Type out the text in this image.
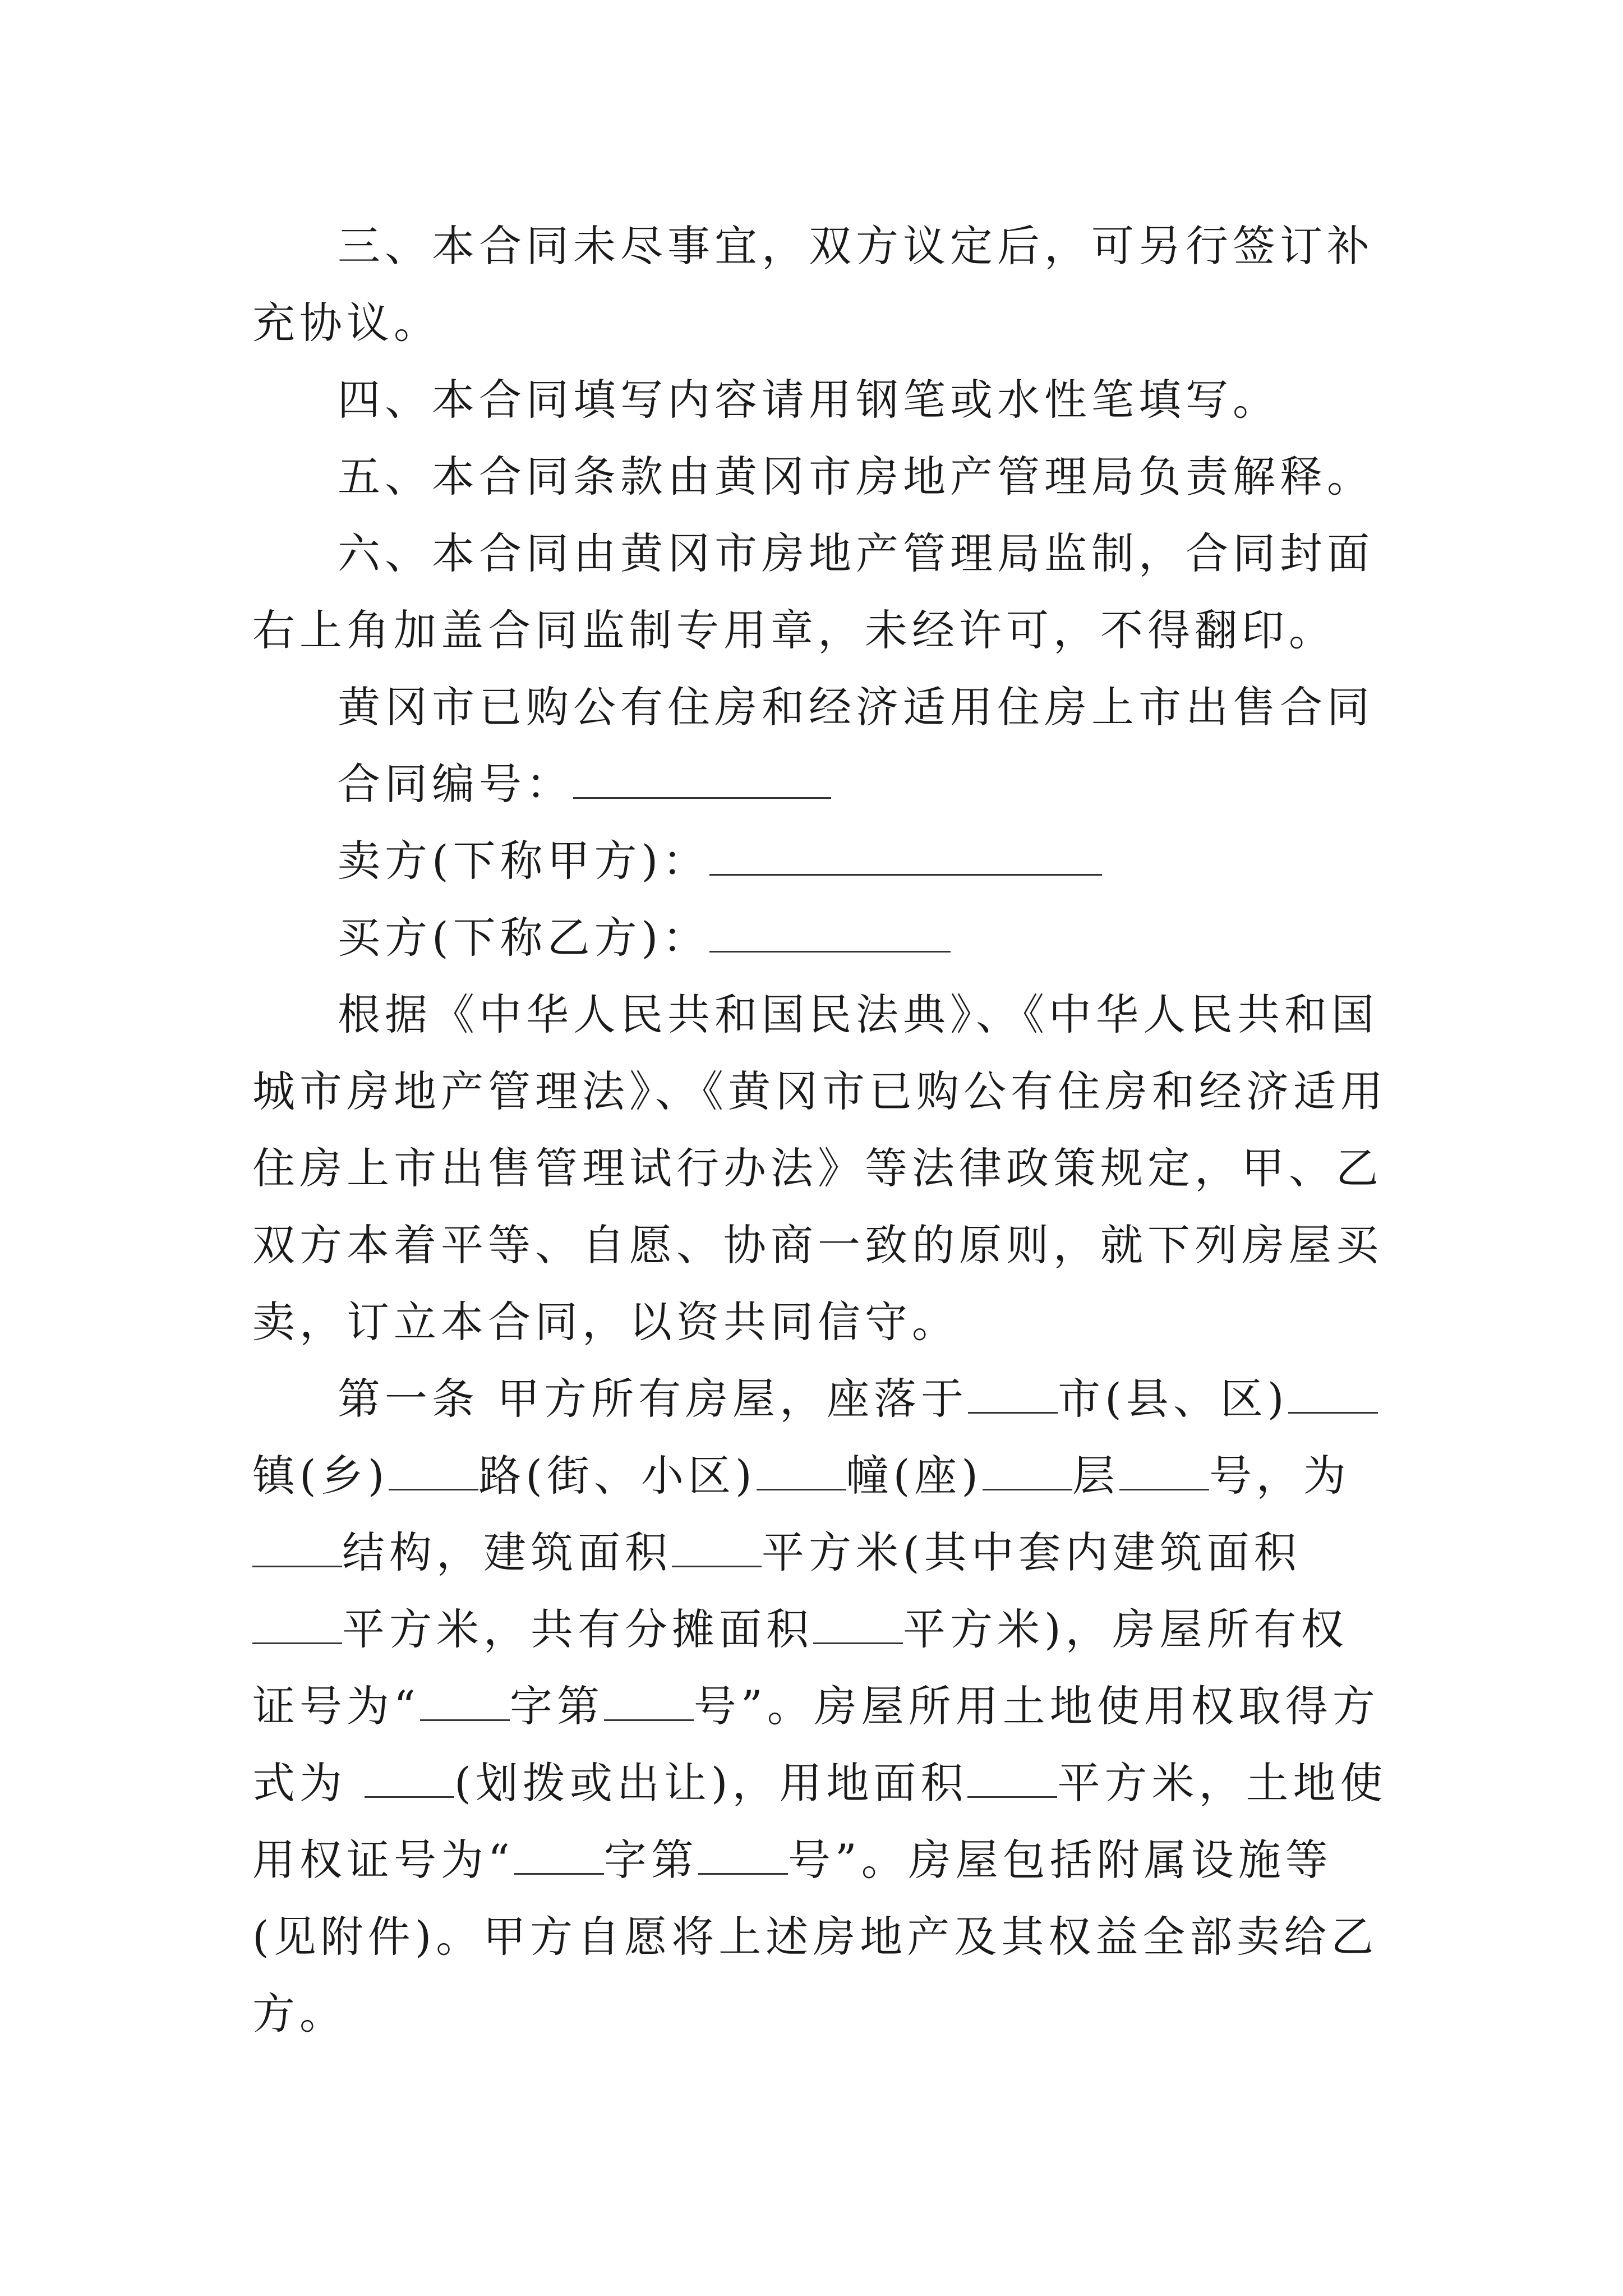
三、本合同未尽事宜，双方议定后，可另行签订补充协议。

四、本合同填写内容请用钢笔或水性笔填写。

五、本合同条款由黄冈市房地产管理局负责解释。

六、本合同由黄冈市房地产管理局监制，合同封面右上角加盖合同监制专用章，未经许可，不得翻印。

黄冈市已购公有住房和经济适用住房上市出售合同

合同编号：

卖方(下称甲方)：

买方(下称乙方)：

根据《中华人民共和国民法典》、《中华人民共和国城市房地产管理法》、《黄冈市已购公有住房和经济适用住房上市出售管理试行办法》等法律政策规定，甲、乙双方本着平等、自愿、协商一致的原则，就下列房屋买卖，订立本合同，以资共同信守。

第一条 甲方所有房屋，座落于 市(县、区)镇(乡) 路(街、小区) 幢(座) 层 号，为结构，建筑面积 平方米(其中套内建筑面积平方米，共有分摊面积 平方米)，房屋所有权证号为“ 字第 号”。房屋所用土地使用权取得方式为 (划拨或出让)，用地面积 平方米，土地使用权证号为“ 字第 号”。房屋包括附属设施等(见附件)。甲方自愿将上述房地产及其权益全部卖给乙方。
